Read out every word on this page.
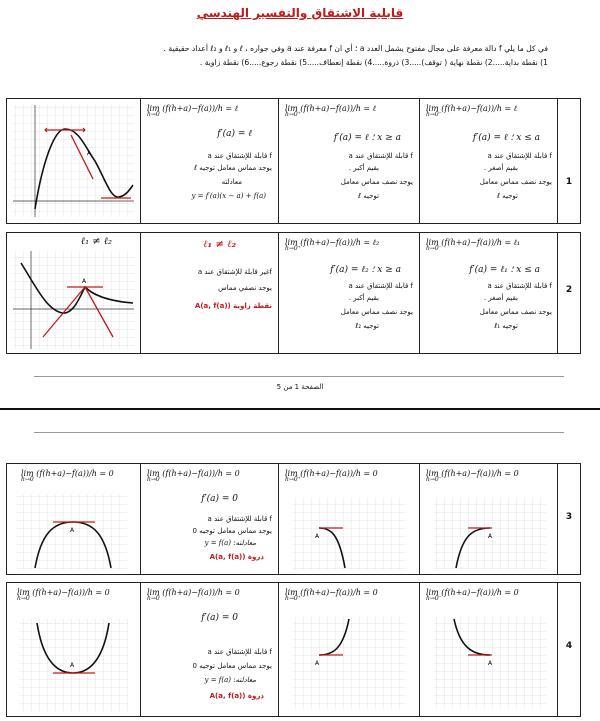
قابلية الاشتقاق والتفسير الهندسي
في كل ما يلي f دالة معرفة على مجال مفتوح يشمل العدد a ؛ أي ان f معرفة عند a وفي جواره ، ℓ و ℓ₁ و ℓ₂ أعداد حقيقية .
1) نقطة بداية.....2) نقطة نهاية ( توقف).....3) ذروة.....4) نقطة إنعطاف.....5) نقطة رجوع.....6) نقطة زاوية .
A
lim (f(h+a)−f(a))/h = ℓ
h→0
f′(a) = ℓ
f قابلة للإشتقاق عند a
يوجد مماس معامل توجيه ℓ
معادلته
y = f′(a)(x − a) + f(a)
lim (f(h+a)−f(a))/h = ℓ
h→0⁺
x ≥ a ؛ f′(a) = ℓ
f قابلة للإشتقاق عند a
بقيم أكبر .
يوجد نصف مماس معامل
توجيه ℓ
lim (f(h+a)−f(a))/h = ℓ
h→0⁻
x ≤ a ؛ f′(a) = ℓ
f قابلة للإشتقاق عند a
بقيم أصغر .
يوجد نصف مماس معامل
توجيه ℓ
1
ℓ₁ ≠ ℓ₂
A
ℓ₁ ≠ ℓ₂
fغير قابلة للإشتقاق عند a
يوجد نصفي مماس
نقطة زاوية A(a, f(a))
lim (f(h+a)−f(a))/h = ℓ₂
h→0⁺
x ≥ a ؛ f′(a) = ℓ₂
f قابلة للإشتقاق عند a
بقيم أكبر .
يوجد نصف مماس معامل
توجيه ℓ₂
lim (f(h+a)−f(a))/h = ℓ₁
h→0⁻
x ≤ a ؛ f′(a) = ℓ₁
f قابلة للإشتقاق عند a
بقيم أصغر .
يوجد نصف مماس معامل
توجيه ℓ₁
2
الصفحة 1 من 5
lim (f(h+a)−f(a))/h = 0
h→0
A
lim (f(h+a)−f(a))/h = 0
h→0
f′(a) = 0
f قابلة للإشتقاق عند a
يوجد مماس معامل توجيه 0
معادلته: y = f(a)
ذروة A(a, f(a))
lim (f(h+a)−f(a))/h = 0
h→0⁺
A
lim (f(h+a)−f(a))/h = 0
h→0⁻
A
3
lim (f(h+a)−f(a))/h = 0
h→0
A
lim (f(h+a)−f(a))/h = 0
h→0
f′(a) = 0
f قابلة للإشتقاق عند a
يوجد مماس معامل توجيه 0
معادلته: y = f(a)
ذروة A(a, f(a))
lim (f(h+a)−f(a))/h = 0
h→0⁺
A
lim (f(h+a)−f(a))/h = 0
h→0⁻
A
4
